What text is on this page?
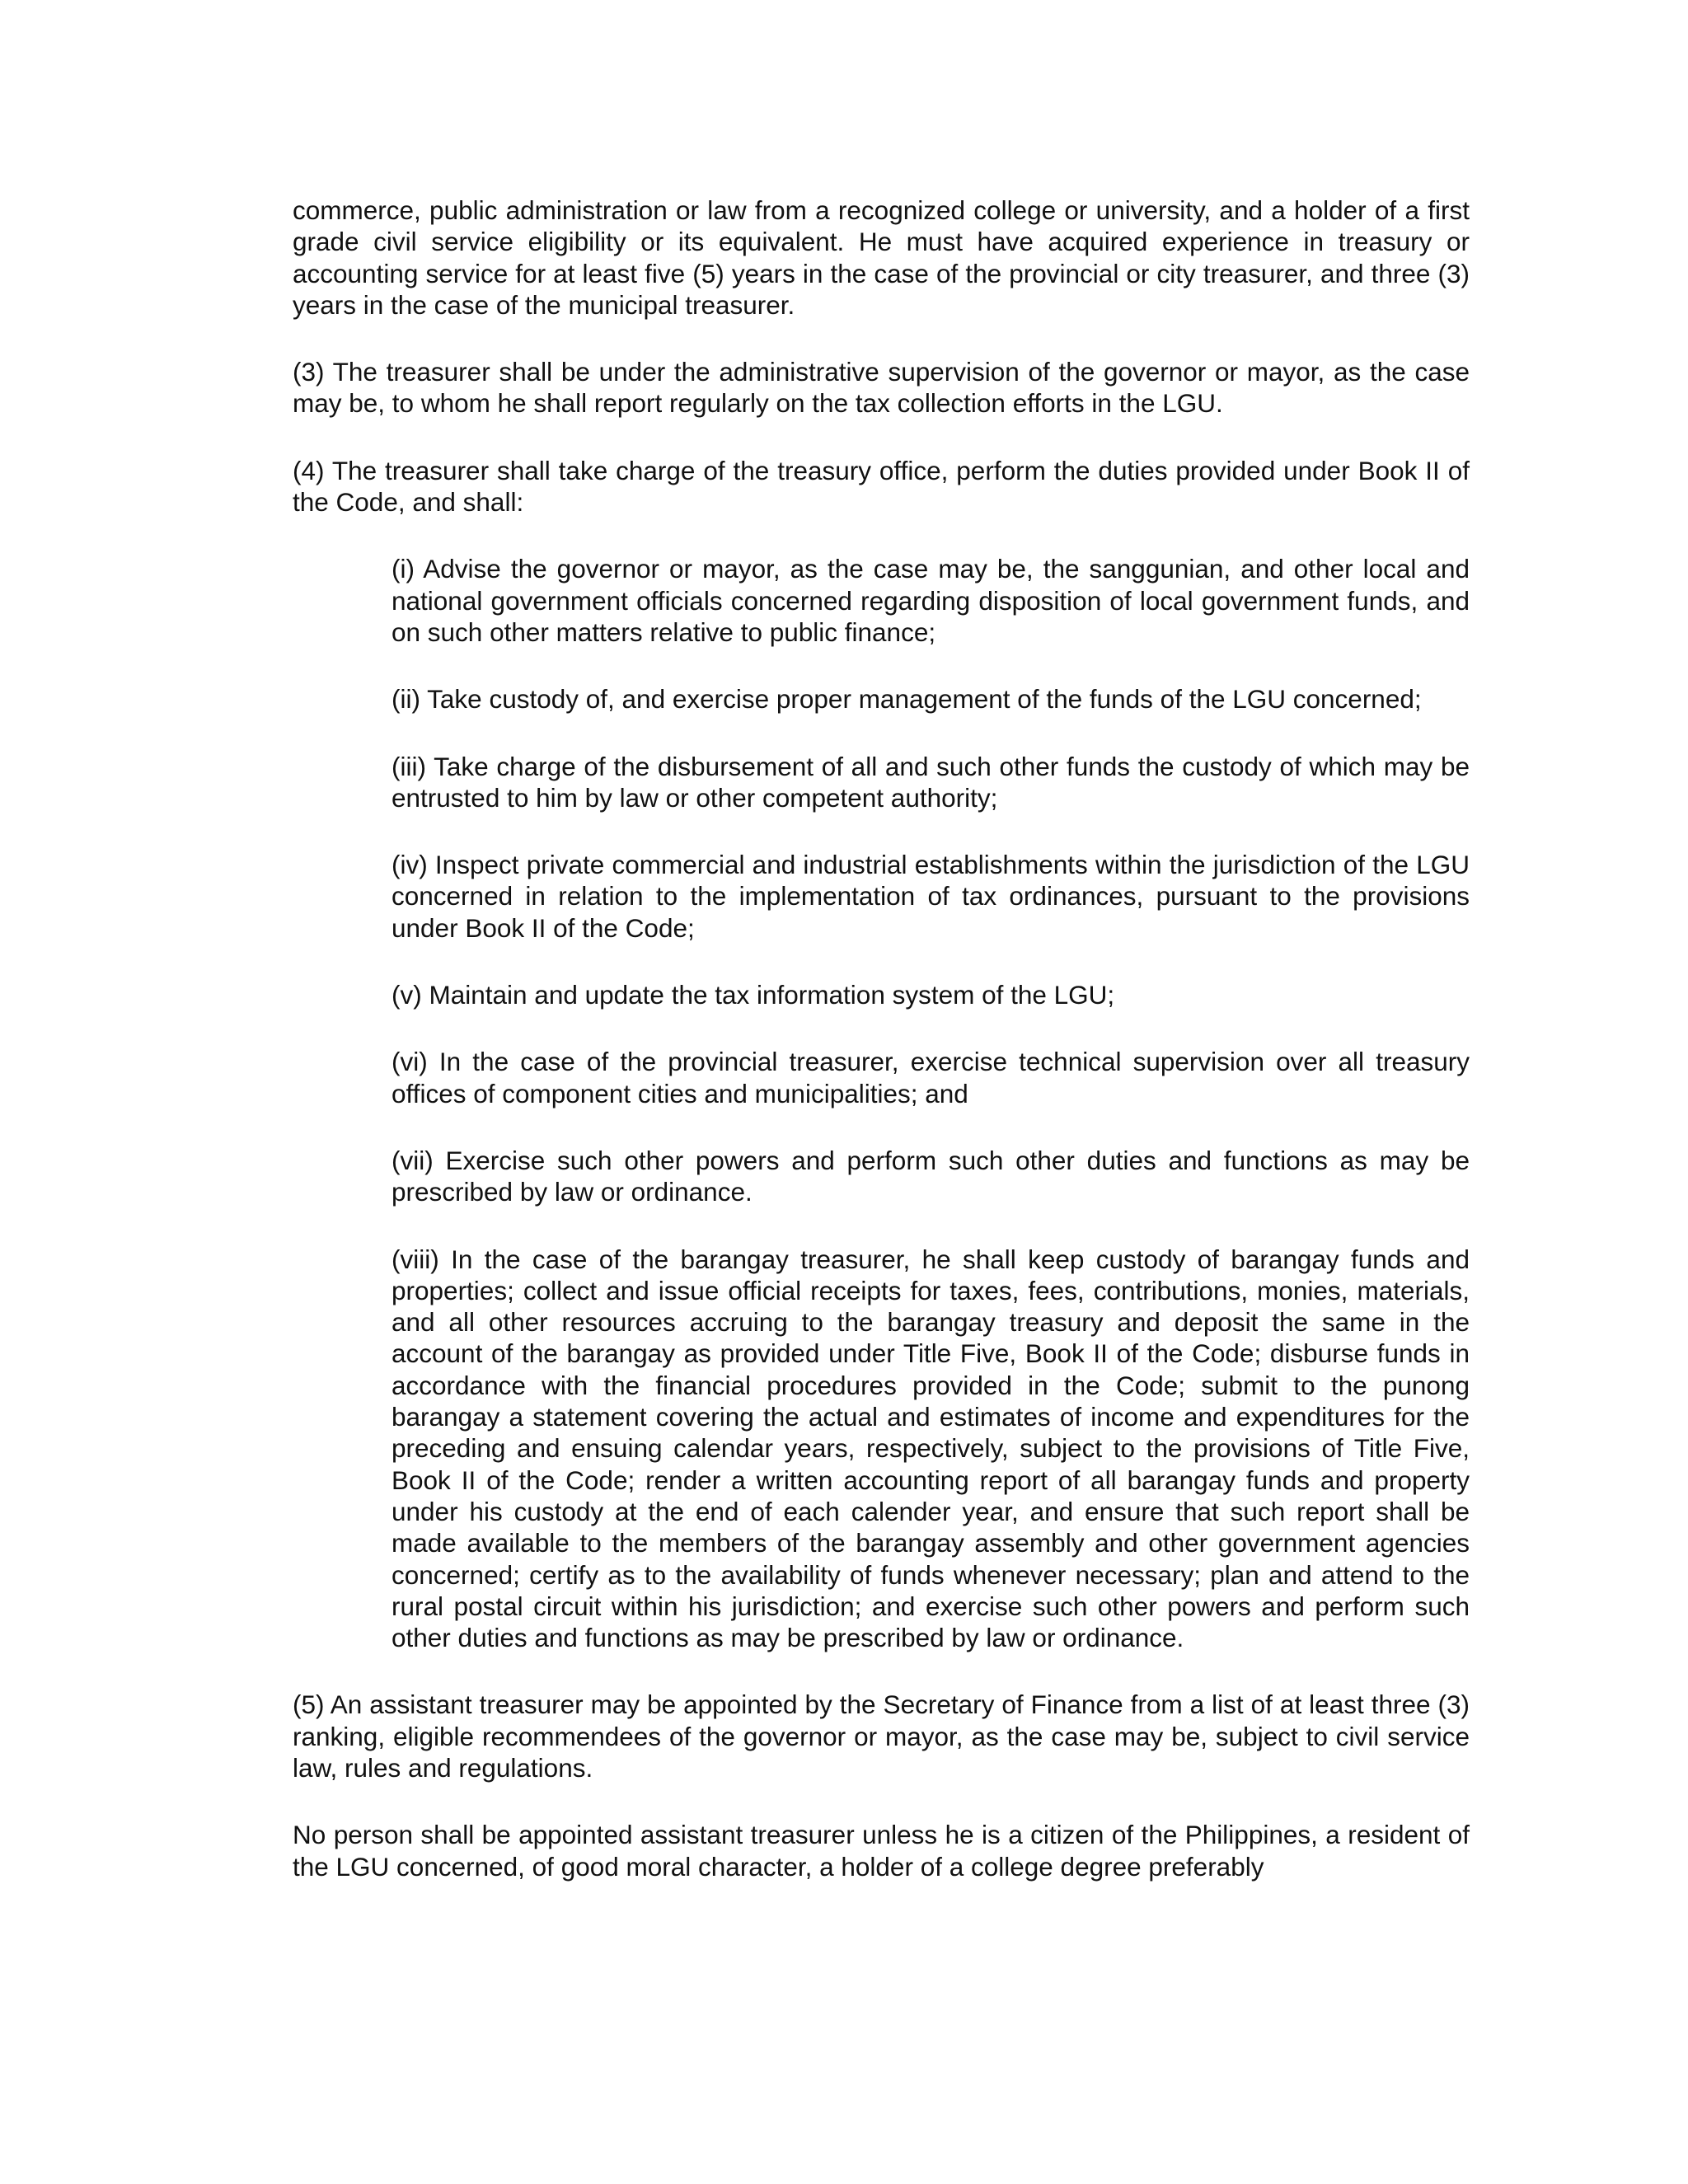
commerce, public administration or law from a recognized college or university, and a holder of a first grade civil service eligibility or its equivalent. He must have acquired experience in treasury or accounting service for at least five (5) years in the case of the provincial or city treasurer, and three (3) years in the case of the municipal treasurer.

(3) The treasurer shall be under the administrative supervision of the governor or mayor, as the case may be, to whom he shall report regularly on the tax collection efforts in the LGU.

(4) The treasurer shall take charge of the treasury office, perform the duties provided under Book II of the Code, and shall:

(i) Advise the governor or mayor, as the case may be, the sanggunian, and other local and national government officials concerned regarding disposition of local government funds, and on such other matters relative to public finance;

(ii) Take custody of, and exercise proper management of the funds of the LGU concerned;

(iii) Take charge of the disbursement of all and such other funds the custody of which may be entrusted to him by law or other competent authority;

(iv) Inspect private commercial and industrial establishments within the jurisdiction of the LGU concerned in relation to the implementation of tax ordinances, pursuant to the provisions under Book II of the Code;

(v) Maintain and update the tax information system of the LGU;

(vi) In the case of the provincial treasurer, exercise technical supervision over all treasury offices of component cities and municipalities; and

(vii) Exercise such other powers and perform such other duties and functions as may be prescribed by law or ordinance.

(viii) In the case of the barangay treasurer, he shall keep custody of barangay funds and properties; collect and issue official receipts for taxes, fees, contributions, monies, materials, and all other resources accruing to the barangay treasury and deposit the same in the account of the barangay as provided under Title Five, Book II of the Code; disburse funds in accordance with the financial procedures provided in the Code; submit to the punong barangay a statement covering the actual and estimates of income and expenditures for the preceding and ensuing calendar years, respectively, subject to the provisions of Title Five, Book II of the Code; render a written accounting report of all barangay funds and property under his custody at the end of each calender year, and ensure that such report shall be made available to the members of the barangay assembly and other government agencies concerned; certify as to the availability of funds whenever necessary; plan and attend to the rural postal circuit within his jurisdiction; and exercise such other powers and perform such other duties and functions as may be prescribed by law or ordinance.

(5) An assistant treasurer may be appointed by the Secretary of Finance from a list of at least three (3) ranking, eligible recommendees of the governor or mayor, as the case may be, subject to civil service law, rules and regulations.

No person shall be appointed assistant treasurer unless he is a citizen of the Philippines, a resident of the LGU concerned, of good moral character, a holder of a college degree preferably
